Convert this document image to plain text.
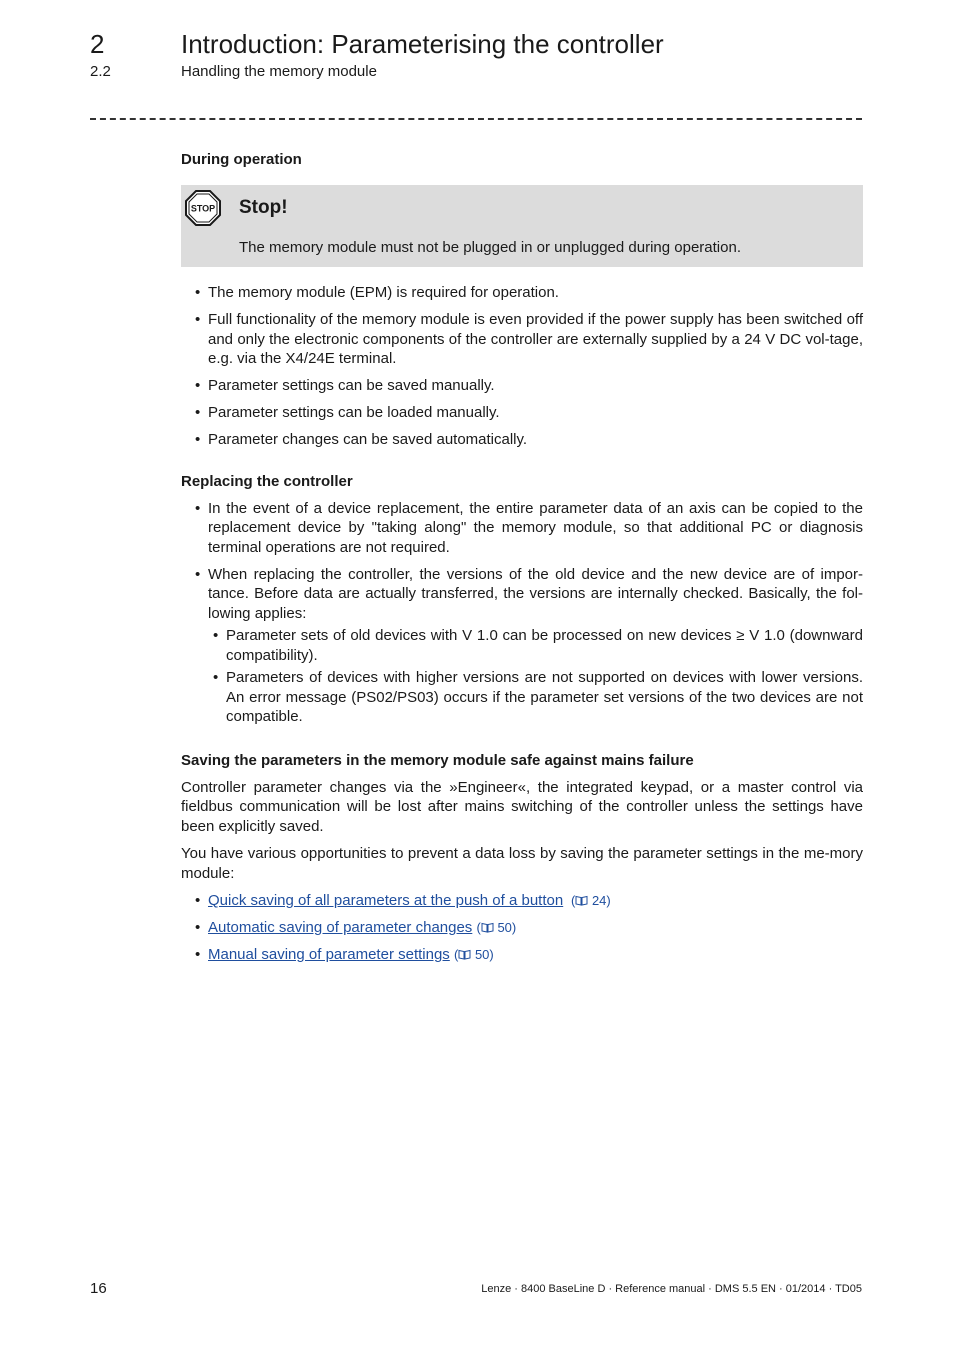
2	Introduction: Parameterising the controller
2.2	Handling the memory module
During operation
STOP Stop!
The memory module must not be plugged in or unplugged during operation.
• The memory module (EPM) is required for operation.
• Full functionality of the memory module is even provided if the power supply has been switched off and only the electronic components of the controller are externally supplied by a 24 V DC vol-tage, e.g. via the X4/24E terminal.
• Parameter settings can be saved manually.
• Parameter settings can be loaded manually.
• Parameter changes can be saved automatically.
Replacing the controller
• In the event of a device replacement, the entire parameter data of an axis can be copied to the replacement device by "taking along" the memory module, so that additional PC or diagnosis terminal operations are not required.
• When replacing the controller, the versions of the old device and the new device are of impor-tance. Before data are actually transferred, the versions are internally checked. Basically, the fol-lowing applies:
• Parameter sets of old devices with V 1.0 can be processed on new devices ≥ V 1.0 (downward compatibility).
• Parameters of devices with higher versions are not supported on devices with lower versions. An error message (PS02/PS03) occurs if the parameter set versions of the two devices are not compatible.
Saving the parameters in the memory module safe against mains failure

Controller parameter changes via the »Engineer«, the integrated keypad, or a master control via fieldbus communication will be lost after mains switching of the controller unless the settings have been explicitly saved.

You have various opportunities to prevent a data loss by saving the parameter settings in the me-mory module:

• Quick saving of all parameters at the push of a button  ( 24)
• Automatic saving of parameter changes ( 50)
• Manual saving of parameter settings ( 50)
16	Lenze · 8400 BaseLine D · Reference manual · DMS 5.5 EN · 01/2014 · TD05
